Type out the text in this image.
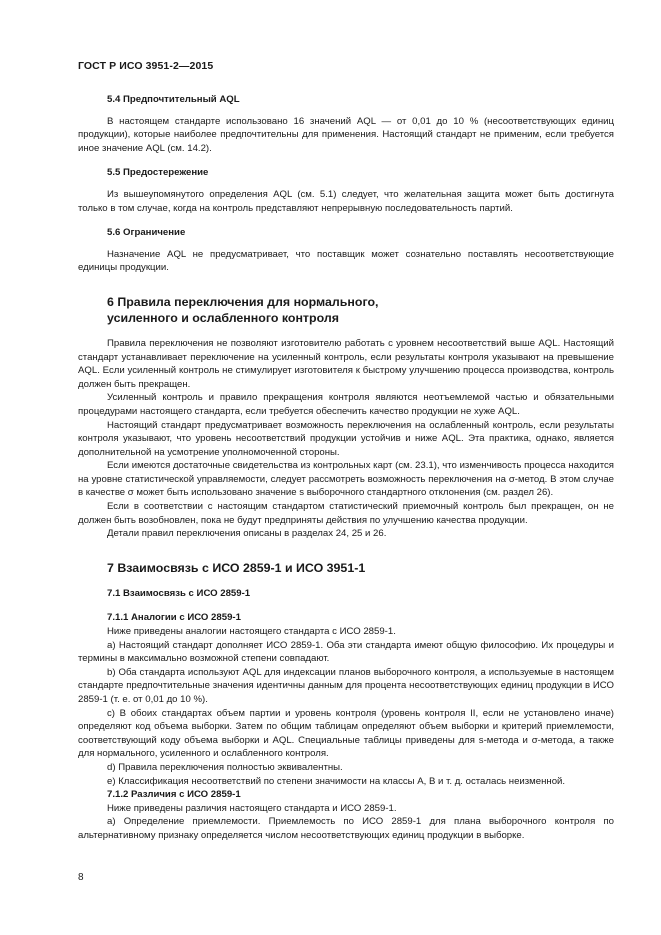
ГОСТ Р ИСО 3951-2—2015
5.4 Предпочтительный AQL

В настоящем стандарте использовано 16 значений AQL — от 0,01 до 10 % (несоответствующих единиц продукции), которые наиболее предпочтительны для применения. Настоящий стандарт не применим, если требуется иное значение AQL (см. 14.2).

5.5 Предостережение

Из вышеупомянутого определения AQL (см. 5.1) следует, что желательная защита может быть достигнута только в том случае, когда на контроль представляют непрерывную последовательность партий.

5.6 Ограничение

Назначение AQL не предусматривает, что поставщик может сознательно поставлять несоответствующие единицы продукции.

6 Правила переключения для нормального,
усиленного и ослабленного контроля

Правила переключения не позволяют изготовителю работать с уровнем несоответствий выше AQL. Настоящий стандарт устанавливает переключение на усиленный контроль, если результаты контроля указывают на превышение AQL. Если усиленный контроль не стимулирует изготовителя к быстрому улучшению процесса производства, контроль должен быть прекращен.

Усиленный контроль и правило прекращения контроля являются неотъемлемой частью и обязательными процедурами настоящего стандарта, если требуется обеспечить качество продукции не хуже AQL.

Настоящий стандарт предусматривает возможность переключения на ослабленный контроль, если результаты контроля указывают, что уровень несоответствий продукции устойчив и ниже AQL. Эта практика, однако, является дополнительной на усмотрение уполномоченной стороны.

Если имеются достаточные свидетельства из контрольных карт (см. 23.1), что изменчивость процесса находится на уровне статистической управляемости, следует рассмотреть возможность переключения на σ-метод. В этом случае в качестве σ может быть использовано значение s выборочного стандартного отклонения (см. раздел 26).

Если в соответствии с настоящим стандартом статистический приемочный контроль был прекращен, он не должен быть возобновлен, пока не будут предприняты действия по улучшению качества продукции.

Детали правил переключения описаны в разделах 24, 25 и 26.

7 Взаимосвязь с ИСО 2859-1 и ИСО 3951-1
7.1 Взаимосвязь с ИСО 2859-1
7.1.1 Аналогии с ИСО 2859-1

Ниже приведены аналогии настоящего стандарта с ИСО 2859-1.

а) Настоящий стандарт дополняет ИСО 2859-1. Оба эти стандарта имеют общую философию. Их процедуры и термины в максимально возможной степени совпадают.

b) Оба стандарта используют AQL для индексации планов выборочного контроля, а используемые в настоящем стандарте предпочтительные значения идентичны данным для процента несоответствующих единиц продукции в ИСО 2859-1 (т. е. от 0,01 до 10 %).

с) В обоих стандартах объем партии и уровень контроля (уровень контроля II, если не установлено иначе) определяют код объема выборки. Затем по общим таблицам определяют объем выборки и критерий приемлемости, соответствующий коду объема выборки и AQL. Специальные таблицы приведены для s-метода и σ-метода, а также для нормального, усиленного и ослабленного контроля.

d) Правила переключения полностью эквивалентны.

е) Классификация несоответствий по степени значимости на классы А, В и т. д. осталась неизменной.

7.1.2 Различия с ИСО 2859-1

Ниже приведены различия настоящего стандарта и ИСО 2859-1.

а) Определение приемлемости. Приемлемость по ИСО 2859-1 для плана выборочного контроля по альтернативному признаку определяется числом несоответствующих единиц продукции в выборке.

8
